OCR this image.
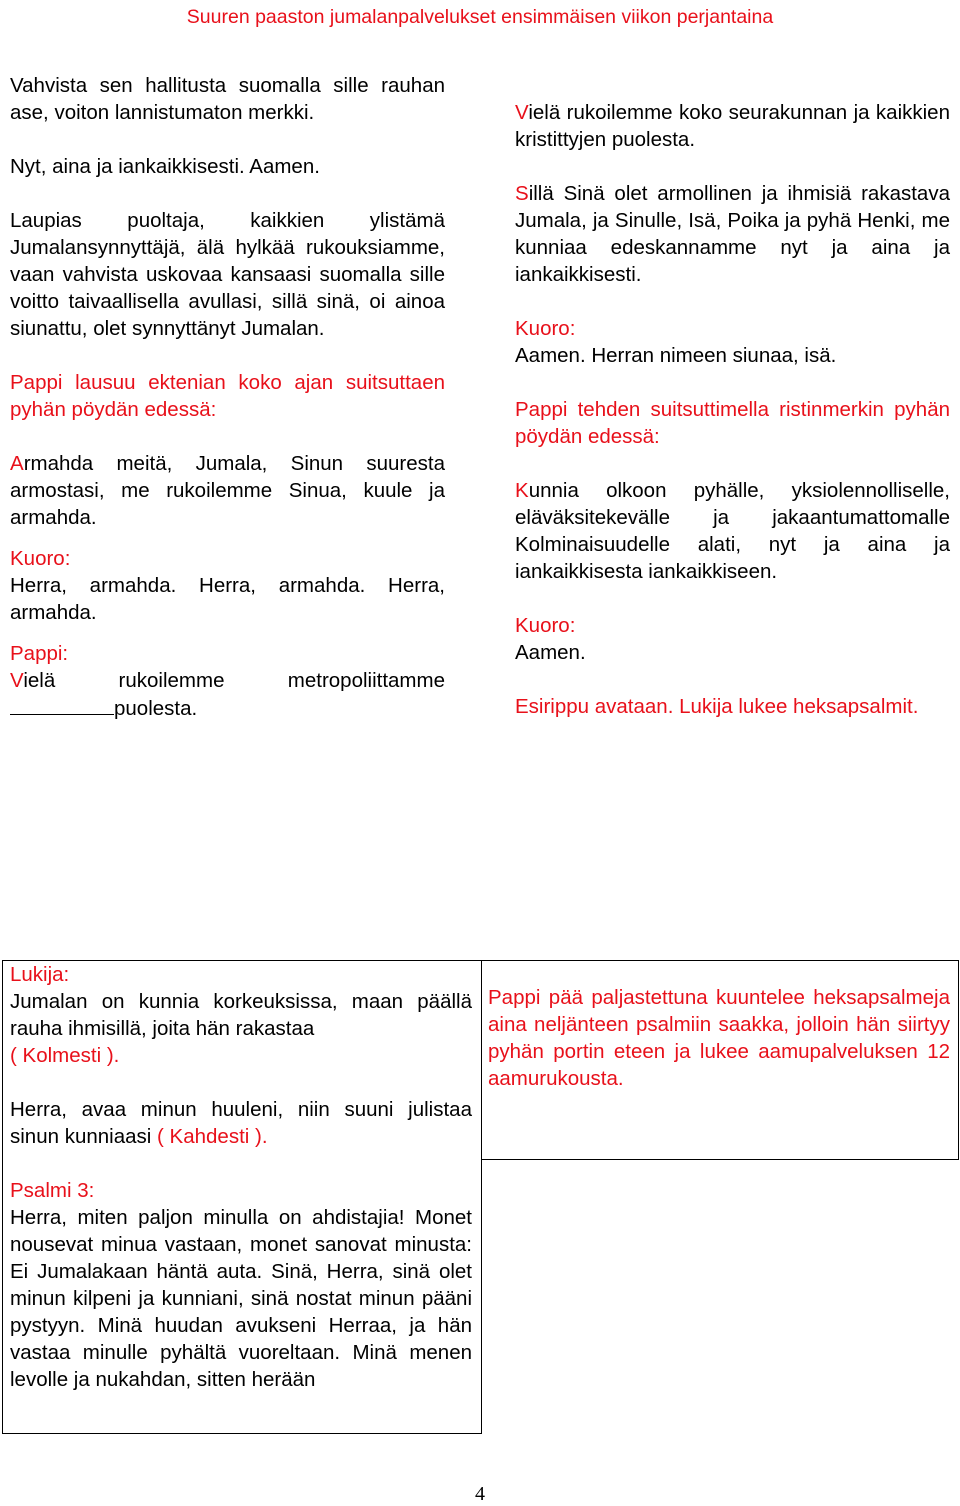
Suuren paaston jumalanpalvelukset ensimmäisen viikon perjantaina

Vahvista sen hallitusta suomalla sille rauhan ase, voiton lannistumaton merkki.

Nyt, aina ja iankaikkisesti. Aamen.

Laupias puoltaja, kaikkien ylistämä Jumalansynnyttäjä, älä hylkää rukouksiamme, vaan vahvista uskovaa kansaasi suomalla sille voitto taivaallisella avullasi, sillä sinä, oi ainoa siunattu, olet synnyttänyt Jumalan.

Pappi lausuu ektenian koko ajan suitsuttaen pyhän pöydän edessä:

Armahda meitä, Jumala, Sinun suuresta armostasi, me rukoilemme Sinua, kuule ja armahda.

Kuoro:

Herra, armahda. Herra, armahda. Herra, armahda.

Pappi:

Vielä rukoilemme metropoliittamme

puolesta.

Vielä rukoilemme koko seurakunnan ja kaikkien kristittyjen puolesta.

Sillä Sinä olet armollinen ja ihmisiä rakastava Jumala, ja Sinulle, Isä, Poika ja pyhä Henki, me kunniaa edeskannamme nyt ja aina ja iankaikkisesti.

Kuoro:

Aamen. Herran nimeen siunaa, isä.

Pappi tehden suitsuttimella ristinmerkin pyhän pöydän edessä:

Kunnia olkoon pyhälle, yksiolennolliselle, eläväksitekevälle ja jakaantumattomalle Kolminaisuudelle alati, nyt ja aina ja iankaikkisesta iankaikkiseen.

Kuoro:

Aamen.

Esirippu avataan. Lukija lukee heksapsalmit.

Lukija:

Jumalan on kunnia korkeuksissa, maan päällä rauha ihmisillä, joita hän rakastaa
( Kolmesti ).

Herra, avaa minun huuleni, niin suuni julistaa sinun kunniaasi ( Kahdesti ).

Psalmi 3:

Herra, miten paljon minulla on ahdistajia! Monet nousevat minua vastaan, monet sanovat minusta: Ei Jumalakaan häntä auta. Sinä, Herra, sinä olet minun kilpeni ja kunniani, sinä nostat minun pääni pystyyn. Minä huudan avukseni Herraa, ja hän vastaa minulle pyhältä vuoreltaan. Minä menen levolle ja nukahdan, sitten herään

Pappi pää paljastettuna kuuntelee heksapsalmeja aina neljänteen psalmiin saakka, jolloin hän siirtyy pyhän portin eteen ja lukee aamupalveluksen 12 aamurukousta.

4
